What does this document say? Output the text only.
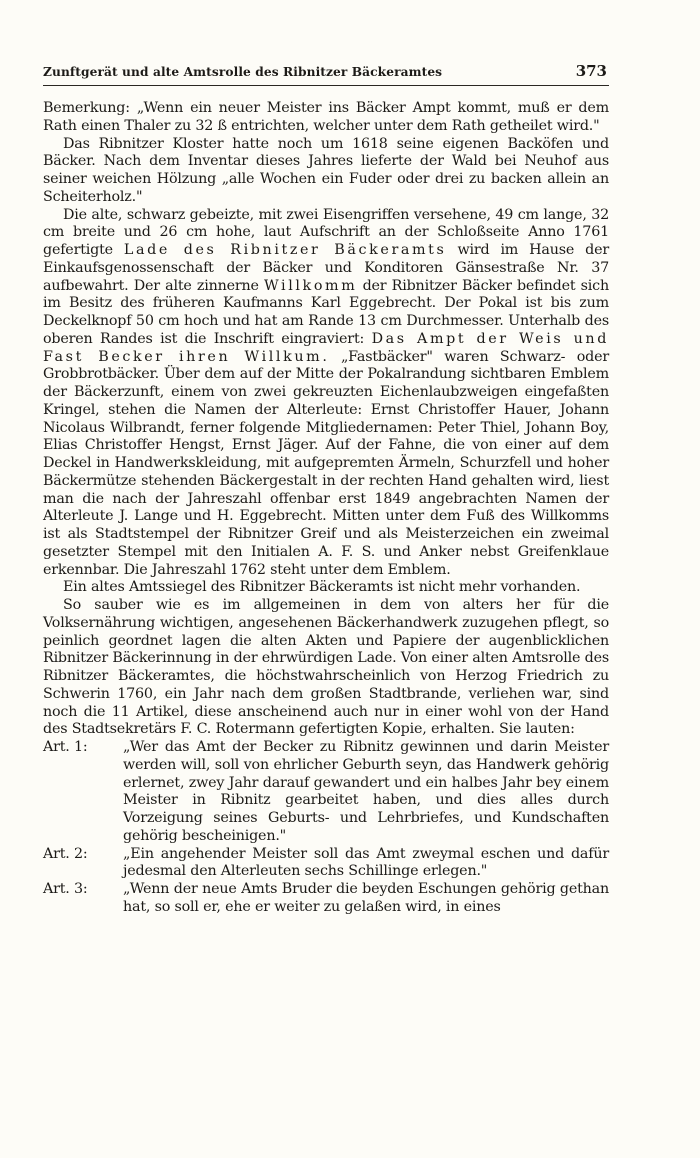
Zunftgerät und alte Amtsrolle des Ribnitzer Bäckeramtes	373

Bemerkung: „Wenn ein neuer Meister ins Bäcker Ampt kommt, muß er dem Rath einen Thaler zu 32 ß entrichten, welcher unter dem Rath getheilet wird."

Das Ribnitzer Kloster hatte noch um 1618 seine eigenen Backöfen und Bäcker. Nach dem Inventar dieses Jahres lieferte der Wald bei Neuhof aus seiner weichen Hölzung „alle Wochen ein Fuder oder drei zu backen allein an Scheiterholz."

Die alte, schwarz gebeizte, mit zwei Eisengriffen versehene, 49 cm lange, 32 cm breite und 26 cm hohe, laut Aufschrift an der Schloßseite Anno 1761 gefertigte Lade des Ribnitzer Bäckeramts wird im Hause der Einkaufsgenossenschaft der Bäcker und Konditoren Gänsestraße Nr. 37 aufbewahrt. Der alte zinnerne Willkomm der Ribnitzer Bäcker befindet sich im Besitz des früheren Kaufmanns Karl Eggebrecht. Der Pokal ist bis zum Deckelknopf 50 cm hoch und hat am Rande 13 cm Durchmesser. Unterhalb des oberen Randes ist die Inschrift eingraviert: Das Ampt der Weis und Fast Becker ihren Willkum. „Fastbäcker" waren Schwarz- oder Grobbrotbäcker. Über dem auf der Mitte der Pokalrandung sichtbaren Emblem der Bäckerzunft, einem von zwei gekreuzten Eichenlaubzweigen eingefaßten Kringel, stehen die Namen der Alterleute: Ernst Christoffer Hauer, Johann Nicolaus Wilbrandt, ferner folgende Mitgliedernamen: Peter Thiel, Johann Boy, Elias Christoffer Hengst, Ernst Jäger. Auf der Fahne, die von einer auf dem Deckel in Handwerkskleidung, mit aufgepremten Ärmeln, Schurzfell und hoher Bäckermütze stehenden Bäckergestalt in der rechten Hand gehalten wird, liest man die nach der Jahreszahl offenbar erst 1849 angebrachten Namen der Alterleute J. Lange und H. Eggebrecht. Mitten unter dem Fuß des Willkomms ist als Stadtstempel der Ribnitzer Greif und als Meisterzeichen ein zweimal gesetzter Stempel mit den Initialen A. F. S. und Anker nebst Greifenklaue erkennbar. Die Jahreszahl 1762 steht unter dem Emblem.

Ein altes Amtssiegel des Ribnitzer Bäckeramts ist nicht mehr vorhanden.

So sauber wie es im allgemeinen in dem von alters her für die Volksernährung wichtigen, angesehenen Bäckerhandwerk zuzugehen pflegt, so peinlich geordnet lagen die alten Akten und Papiere der augenblicklichen Ribnitzer Bäckerinnung in der ehrwürdigen Lade. Von einer alten Amtsrolle des Ribnitzer Bäckeramtes, die höchstwahrscheinlich von Herzog Friedrich zu Schwerin 1760, ein Jahr nach dem großen Stadtbrande, verliehen war, sind noch die 11 Artikel, diese anscheinend auch nur in einer wohl von der Hand des Stadtsekretärs F. C. Rotermann gefertigten Kopie, erhalten. Sie lauten:

Art. 1:	„Wer das Amt der Becker zu Ribnitz gewinnen und darin Meister werden will, soll von ehrlicher Geburth seyn, das Handwerk gehörig erlernet, zwey Jahr darauf gewandert und ein halbes Jahr bey einem Meister in Ribnitz gearbeitet haben, und dies alles durch Vorzeigung seines Geburts- und Lehrbriefes, und Kundschaften gehörig bescheinigen."
Art. 2:	„Ein angehender Meister soll das Amt zweymal eschen und dafür jedesmal den Alterleuten sechs Schillinge erlegen."
Art. 3:	„Wenn der neue Amts Bruder die beyden Eschungen gehörig gethan hat, so soll er, ehe er weiter zu gelaßen wird, in eines
